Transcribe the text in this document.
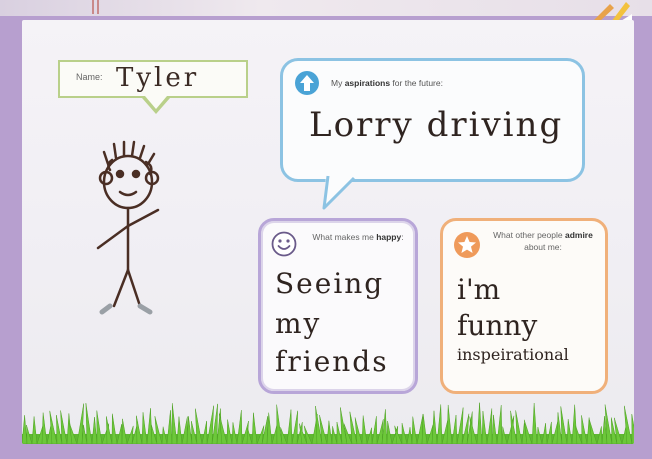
Name: Tyler	My aspirations for the future:
Lorry driving
What makes me happy:
Seeing
my
friends
What other people admire about me:
i'm
funny
inspeirational
